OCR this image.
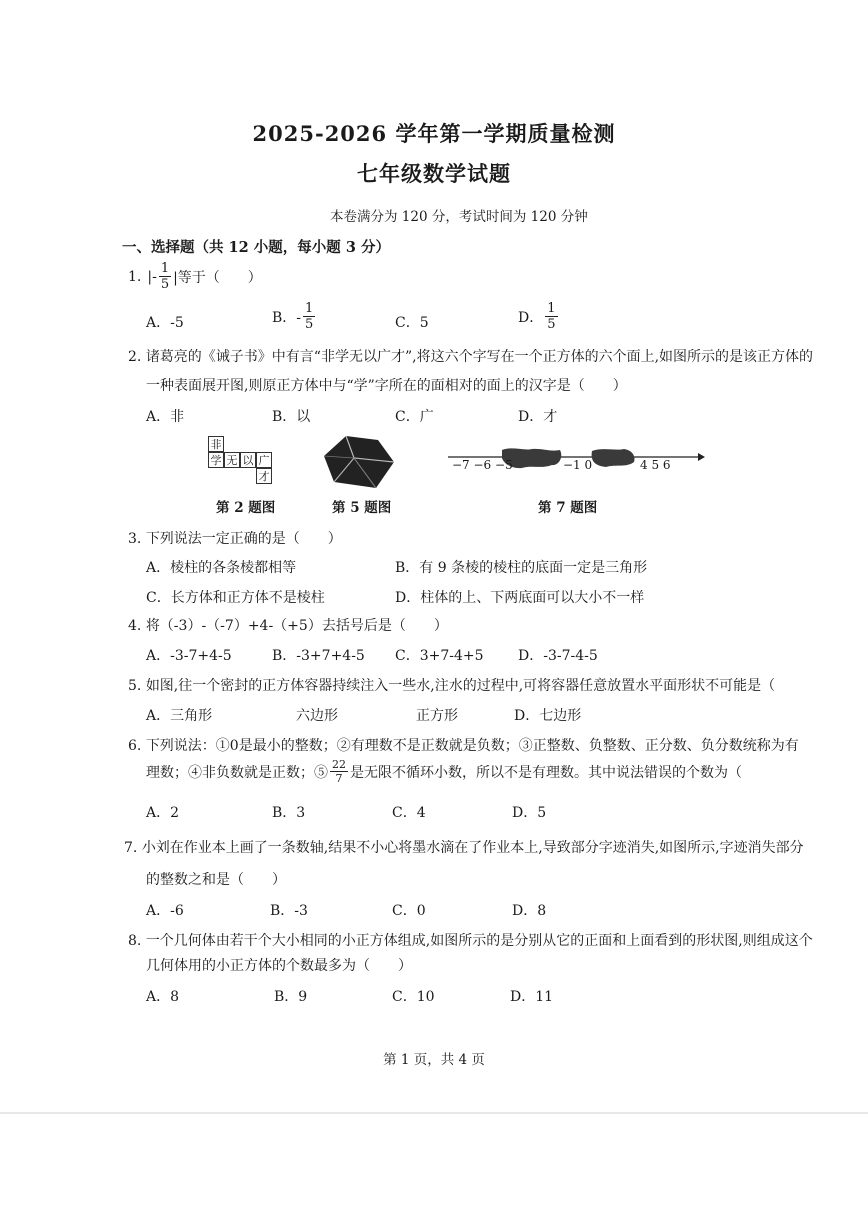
2025-2026 学年第一学期质量检测
七年级数学试题
本卷满分为 120 分，考试时间为 120 分钟
一、选择题（共 12 小题，每小题 3 分）
1. |- $\frac{1}{5}$ |等于（　　）
A．-5	B．- $\frac{1}{5}$	C．5	D． $\frac{1}{5}$
2. 诸葛亮的《诫子书》中有言“非学无以广才”,将这六个字写在一个正方体的六个面上,如图所示的是该正方体的
一种表面展开图,则原正方体中与“学”字所在的面相对的面上的汉字是（　　）
A．非	B．以	C．广	D．才
非
学 无 以 广
才
第 2 题图	第 5 题图
−7 −6 −5	−1 0	4 5 6
第 7 题图
3. 下列说法一定正确的是（　　）
A．棱柱的各条棱都相等	B．有 9 条棱的棱柱的底面一定是三角形
C．长方体和正方体不是棱柱	D．柱体的上、下两底面可以大小不一样
4. 将（-3）-（-7）+4-（+5）去括号后是（　　）
A．-3-7+4-5	B．-3+7+4-5 C．3+7-4+5 D．-3-7-4-5
5. 如图,往一个密封的正方体容器持续注入一些水,注水的过程中,可将容器任意放置水平面形状不可能是（
A．三角形	六边形	正方形	D．七边形
6. 下列说法：①0是最小的整数；②有理数不是正数就是负数；③正整数、负整数、正分数、负分数统称为有
理数；④非负数就是正数；⑤ $\frac{22}{7}$ 是无限不循环小数，所以不是有理数。其中说法错误的个数为（
A．2	B．3	C．4	D．5
7. 小刘在作业本上画了一条数轴,结果不小心将墨水滴在了作业本上,导致部分字迹消失,如图所示,字迹消失部分
的整数之和是（　　）
A．-6	B．-3	C．0	D．8
8. 一个几何体由若干个大小相同的小正方体组成,如图所示的是分别从它的正面和上面看到的形状图,则组成这个
几何体用的小正方体的个数最多为（　　）
A．8	B．9	C．10	D．11
第 1 页，共 4 页
